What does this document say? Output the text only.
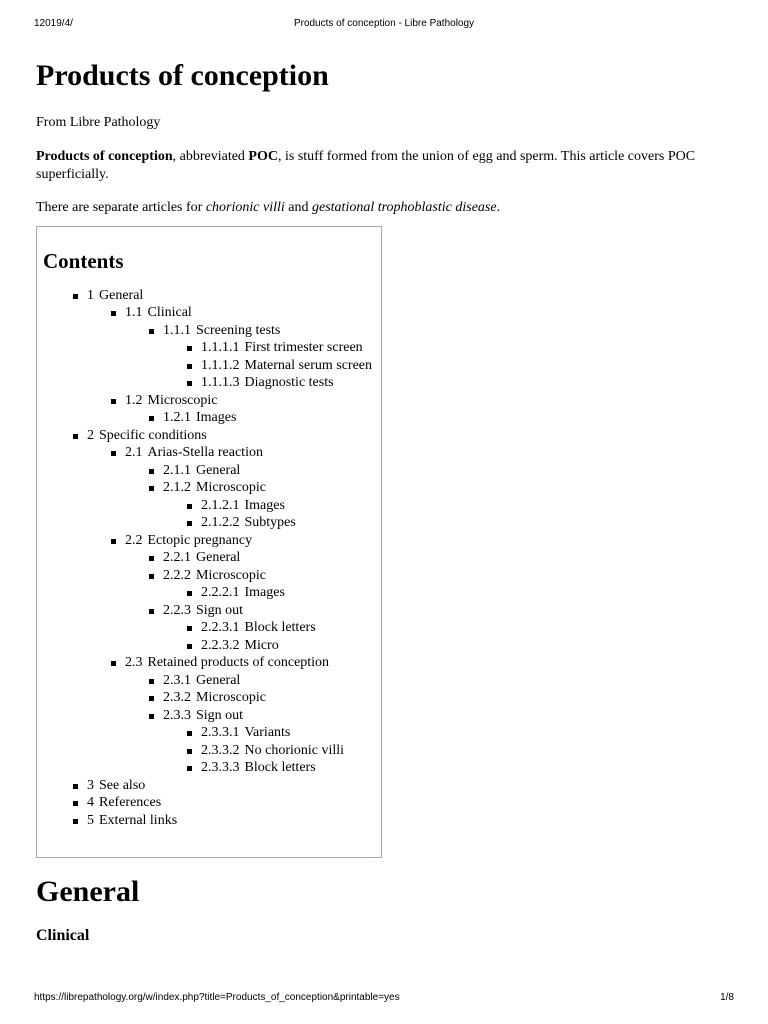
12019/4/	Products of conception - Libre Pathology
Products of conception
From Libre Pathology

Products of conception, abbreviated POC, is stuff formed from the union of egg and sperm. This article covers POC superficially.

There are separate articles for chorionic villi and gestational trophoblastic disease.

Contents
1 General
1.1 Clinical
1.1.1 Screening tests
1.1.1.1 First trimester screen
1.1.1.2 Maternal serum screen
1.1.1.3 Diagnostic tests
1.2 Microscopic
1.2.1 Images
2 Specific conditions
2.1 Arias-Stella reaction
2.1.1 General
2.1.2 Microscopic
2.1.2.1 Images
2.1.2.2 Subtypes
2.2 Ectopic pregnancy
2.2.1 General
2.2.2 Microscopic
2.2.2.1 Images
2.2.3 Sign out
2.2.3.1 Block letters
2.2.3.2 Micro
2.3 Retained products of conception
2.3.1 General
2.3.2 Microscopic
2.3.3 Sign out
2.3.3.1 Variants
2.3.3.2 No chorionic villi
2.3.3.3 Block letters
3 See also
4 References
5 External links
General
Clinical
https://librepathology.org/w/index.php?title=Products_of_conception&printable=yes	1/8
